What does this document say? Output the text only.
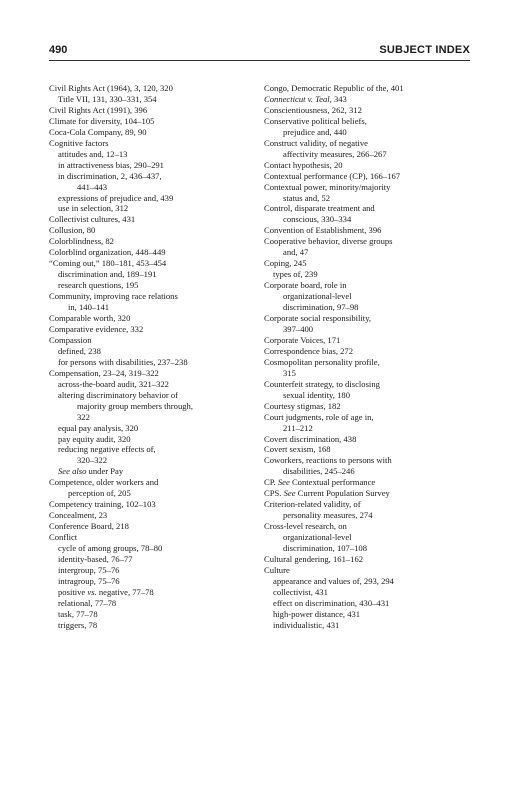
490	SUBJECT INDEX
Civil Rights Act (1964), 3, 120, 320
Title VII, 131, 330–331, 354
Civil Rights Act (1991), 396
Climate for diversity, 104–105
Coca-Cola Company, 89, 90
Cognitive factors
attitudes and, 12–13
in attractiveness bias, 290–291
in discrimination, 2, 436–437,
441–443
expressions of prejudice and, 439
use in selection, 312
Collectivist cultures, 431
Collusion, 80
Colorblindness, 82
Colorblind organization, 448–449
“Coming out,” 180–181, 453–454
discrimination and, 189–191
research questions, 195
Community, improving race relations
in, 140–141
Comparable worth, 320
Comparative evidence, 332
Compassion
defined, 238
for persons with disabilities, 237–238
Compensation, 23–24, 319–322
across-the-board audit, 321–322
altering discriminatory behavior of
majority group members through,
322
equal pay analysis, 320
pay equity audit, 320
reducing negative effects of,
320–322
See also under Pay
Competence, older workers and
perception of, 205
Competency training, 102–103
Concealment, 23
Conference Board, 218
Conflict
cycle of among groups, 78–80
identity-based, 76–77
intergroup, 75–76
intragroup, 75–76
positive vs. negative, 77–78
relational, 77–78
task, 77–78
triggers, 78
Congo, Democratic Republic of the, 401
Connecticut v. Teal, 343
Conscientiousness, 262, 312
Conservative political beliefs,
prejudice and, 440
Construct validity, of negative
affectivity measures, 266–267
Contact hypothesis, 20
Contextual performance (CP), 166–167
Contextual power, minority/majority
status and, 52
Control, disparate treatment and
conscious, 330–334
Convention of Establishment, 396
Cooperative behavior, diverse groups
and, 47
Coping, 245
types of, 239
Corporate board, role in
organizational-level
discrimination, 97–98
Corporate social responsibility,
397–400
Corporate Voices, 171
Correspondence bias, 272
Cosmopolitan personality profile,
315
Counterfeit strategy, to disclosing
sexual identity, 180
Courtesy stigmas, 182
Court judgments, role of age in,
211–212
Covert discrimination, 438
Covert sexism, 168
Coworkers, reactions to persons with
disabilities, 245–246
CP. See Contextual performance
CPS. See Current Population Survey
Criterion-related validity, of
personality measures, 274
Cross-level research, on
organizational-level
discrimination, 107–108
Cultural gendering, 161–162
Culture
appearance and values of, 293, 294
collectivist, 431
effect on discrimination, 430–431
high-power distance, 431
individualistic, 431
